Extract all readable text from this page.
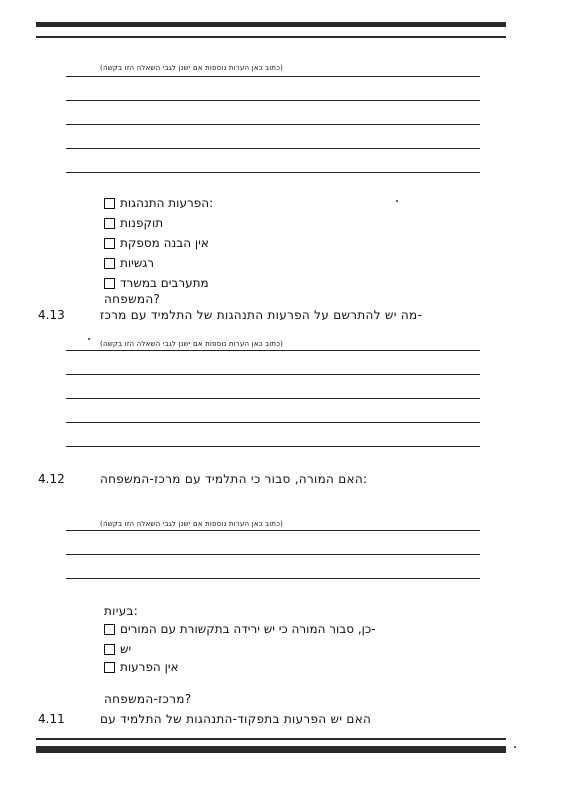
(כתוב כאן הערות נוספות אם ישנן לגבי השאלה הזו בקשה)
הפרעות התנהגות:
תוקפנות
אין הבנה מספקת
רגשיות
מתערבים במשרד
המשפחה?
4.13	מה יש להתרשם על הפרעות התנהגות של התלמיד עם מרכז-
(כתוב כאן הערות נוספות אם ישנן לגבי השאלה הזו בקשה)
4.12	האם המורה, סבור כי התלמיד עם מרכז-המשפחה:
(כתוב כאן הערות נוספות אם ישנן לגבי השאלה הזו בקשה)
בעיות:
כן, סבור המורה כי יש ירידה בתקשורת עם המורים-
יש
אין הפרעות
מרכז-המשפחה?
4.11	האם יש הפרעות בתפקוד-התנהגות של התלמיד עם
